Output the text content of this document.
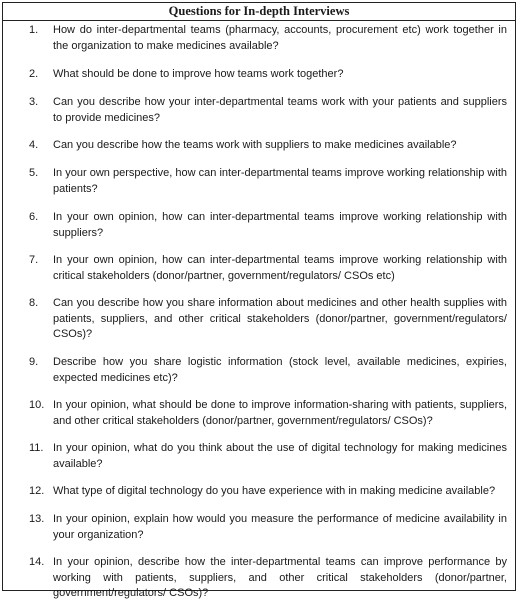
Questions for In-depth Interviews
1. How do inter-departmental teams (pharmacy, accounts, procurement etc) work together in the organization to make medicines available?
2. What should be done to improve how teams work together?
3. Can you describe how your inter-departmental teams work with your patients and suppliers to provide medicines?
4. Can you describe how the teams work with suppliers to make medicines available?
5. In your own perspective, how can inter-departmental teams improve working relationship with patients?
6. In your own opinion, how can inter-departmental teams improve working relationship with suppliers?
7. In your own opinion, how can inter-departmental teams improve working relationship with critical stakeholders (donor/partner, government/regulators/ CSOs etc)
8. Can you describe how you share information about medicines and other health supplies with patients, suppliers, and other critical stakeholders (donor/partner, government/regulators/ CSOs)?
9. Describe how you share logistic information (stock level, available medicines, expiries, expected medicines etc)?
10. In your opinion, what should be done to improve information-sharing with patients, suppliers, and other critical stakeholders (donor/partner, government/regulators/ CSOs)?
11. In your opinion, what do you think about the use of digital technology for making medicines available?
12. What type of digital technology do you have experience with in making medicine available?
13. In your opinion, explain how would you measure the performance of medicine availability in your organization?
14. In your opinion, describe how the inter-departmental teams can improve performance by working with patients, suppliers, and other critical stakeholders (donor/partner, government/regulators/ CSOs)?
